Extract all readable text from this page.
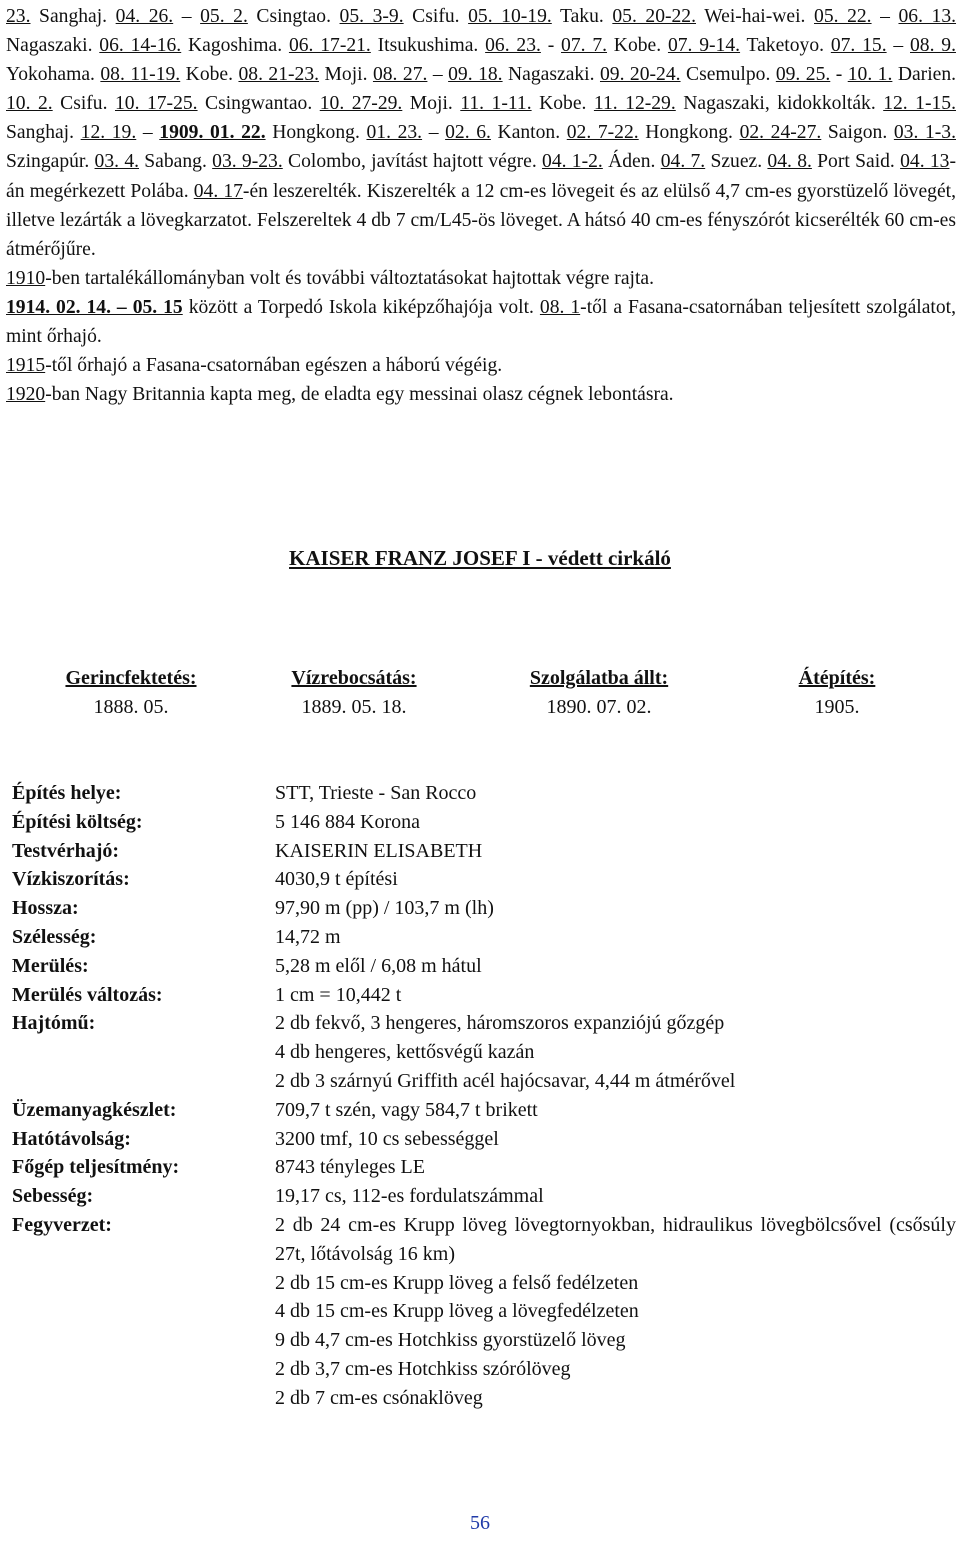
23. Sanghaj. 04. 26. – 05. 2. Csingtao. 05. 3-9. Csifu. 05. 10-19. Taku. 05. 20-22. Wei-hai-wei. 05. 22. – 06. 13. Nagaszaki. 06. 14-16. Kagoshima. 06. 17-21. Itsukushima. 06. 23. - 07. 7. Kobe. 07. 9-14. Taketoyo. 07. 15. – 08. 9. Yokohama. 08. 11-19. Kobe. 08. 21-23. Moji. 08. 27. – 09. 18. Nagaszaki. 09. 20-24. Csemulpo. 09. 25. - 10. 1. Darien. 10. 2. Csifu. 10. 17-25. Csingwantao. 10. 27-29. Moji. 11. 1-11. Kobe. 11. 12-29. Nagaszaki, kidokkolták. 12. 1-15. Sanghaj. 12. 19. – 1909. 01. 22. Hongkong. 01. 23. – 02. 6. Kanton. 02. 7-22. Hongkong. 02. 24-27. Saigon. 03. 1-3. Szingapúr. 03. 4. Sabang. 03. 9-23. Colombo, javítást hajtott végre. 04. 1-2. Áden. 04. 7. Szuez. 04. 8. Port Said. 04. 13-án megérkezett Polába. 04. 17-én leszerelték. Kiszerelték a 12 cm-es lövegeit és az elülső 4,7 cm-es gyorstüzelő lövegét, illetve lezárták a lövegkarzatot. Felszereltek 4 db 7 cm/L45-ös löveget. A hátsó 40 cm-es fényszórót kicserélték 60 cm-es átmérőjűre.

1910-ben tartalékállományban volt és további változtatásokat hajtottak végre rajta.

1914. 02. 14. – 05. 15 között a Torpedó Iskola kiképzőhajója volt. 08. 1-től a Fasana-csatornában teljesített szolgálatot, mint őrhajó.

1915-től őrhajó a Fasana-csatornában egészen a háború végéig.

1920-ban Nagy Britannia kapta meg, de eladta egy messinai olasz cégnek lebontásra.

KAISER FRANZ JOSEF I - védett cirkáló
Gerincfektetés:
1888. 05.
Vízrebocsátás:
1889. 05. 18.
Szolgálatba állt:
1890. 07. 02.
Átépítés:
1905.
Építés helye:	STT, Trieste - San Rocco
Építési költség:	5 146 884 Korona
Testvérhajó:	KAISERIN ELISABETH
Vízkiszorítás:	4030,9 t építési
Hossza:	97,90 m (pp) / 103,7 m (lh)
Szélesség:	14,72 m
Merülés:	5,28 m elől / 6,08 m hátul
Merülés változás:	1 cm = 10,442 t
Hajtómű:	2 db fekvő, 3 hengeres, háromszoros expanziójú gőzgép
4 db hengeres, kettősvégű kazán
2 db 3 szárnyú Griffith acél hajócsavar, 4,44 m átmérővel
Üzemanyagkészlet:	709,7 t szén, vagy 584,7 t brikett
Hatótávolság:	3200 tmf, 10 cs sebességgel
Főgép teljesítmény:	8743 tényleges LE
Sebesség:	19,17 cs, 112-es fordulatszámmal
Fegyverzet:	2 db 24 cm-es Krupp löveg lövegtornyokban, hidraulikus lövegbölcsővel (csősúly 27t, lőtávolság 16 km)
2 db 15 cm-es Krupp löveg a felső fedélzeten
4 db 15 cm-es Krupp löveg a lövegfedélzeten
9 db 4,7 cm-es Hotchkiss gyorstüzelő löveg
2 db 3,7 cm-es Hotchkiss szórólöveg
2 db 7 cm-es csónaklöveg
56
